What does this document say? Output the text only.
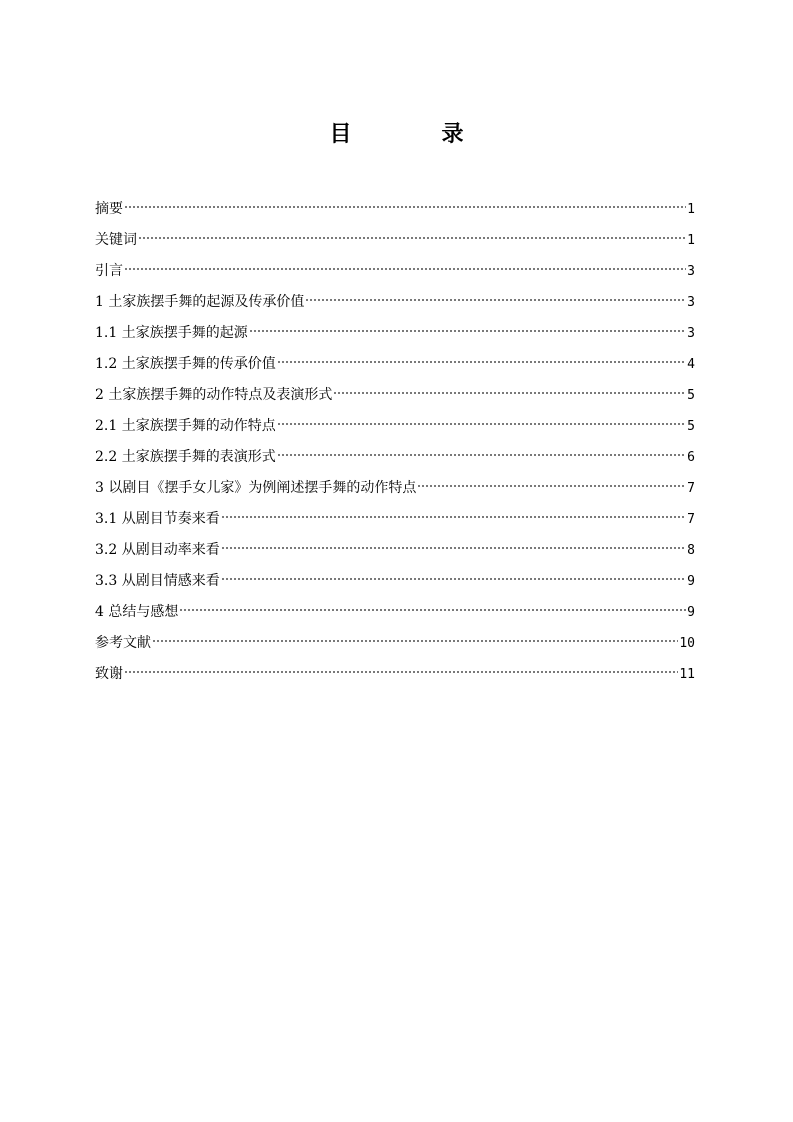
目　录
摘要	1
关键词	1
引言	3
1 土家族摆手舞的起源及传承价值	3
1.1 土家族摆手舞的起源	3
1.2 土家族摆手舞的传承价值	4
2 土家族摆手舞的动作特点及表演形式	5
2.1 土家族摆手舞的动作特点	5
2.2 土家族摆手舞的表演形式	6
3 以剧目《摆手女儿家》为例阐述摆手舞的动作特点	7
3.1 从剧目节奏来看	7
3.2 从剧目动率来看	8
3.3 从剧目情感来看	9
4 总结与感想	9
参考文献	10
致谢	11
